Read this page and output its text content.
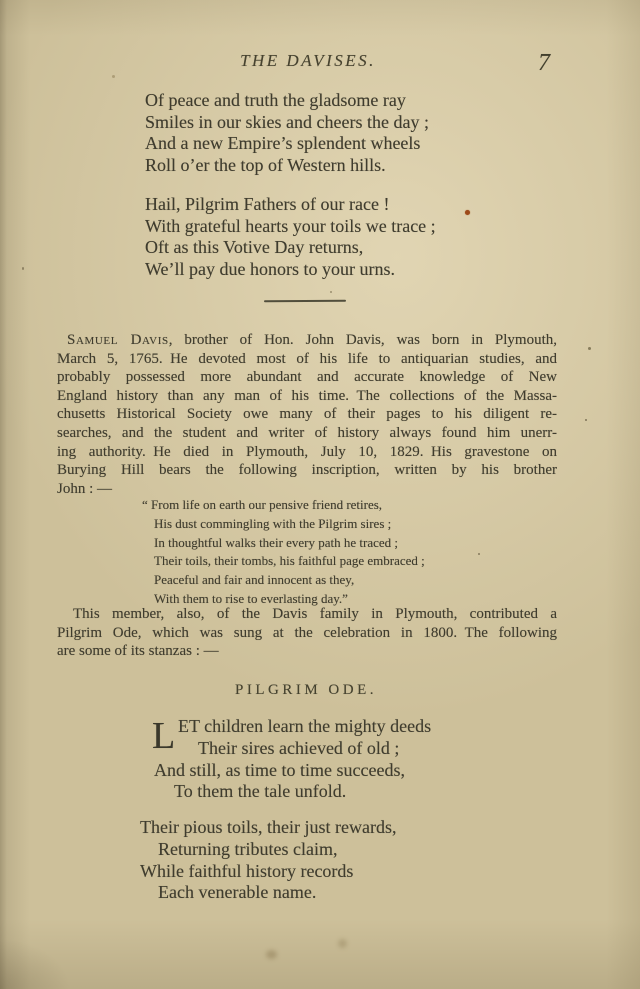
THE DAVISES.	7
Of peace and truth the gladsome ray
Smiles in our skies and cheers the day ;
And a new Empire’s splendent wheels
Roll o’er the top of Western hills.
Hail, Pilgrim Fathers of our race !
With grateful hearts your toils we trace ;
Oft as this Votive Day returns,
We’ll pay due honors to your urns.
Samuel Davis, brother of Hon. John Davis, was born in Plymouth,
March 5, 1765. He devoted most of his life to antiquarian studies, and
probably possessed more abundant and accurate knowledge of New
England history than any man of his time. The collections of the Massa-
chusetts Historical Society owe many of their pages to his diligent re-
searches, and the student and writer of history always found him unerr-
ing authority. He died in Plymouth, July 10, 1829. His gravestone on
Burying Hill bears the following inscription, written by his brother
John : —
“ From life on earth our pensive friend retires,
His dust commingling with the Pilgrim sires ;
In thoughtful walks their every path he traced ;
Their toils, their tombs, his faithful page embraced ;
Peaceful and fair and innocent as they,
With them to rise to everlasting day.”
This member, also, of the Davis family in Plymouth, contributed a
Pilgrim Ode, which was sung at the celebration in 1800. The following
are some of its stanzas : —
PILGRIM ODE.
L ET children learn the mighty deeds
Their sires achieved of old ;
And still, as time to time succeeds,
To them the tale unfold.
Their pious toils, their just rewards,
Returning tributes claim,
While faithful history records
Each venerable name.
